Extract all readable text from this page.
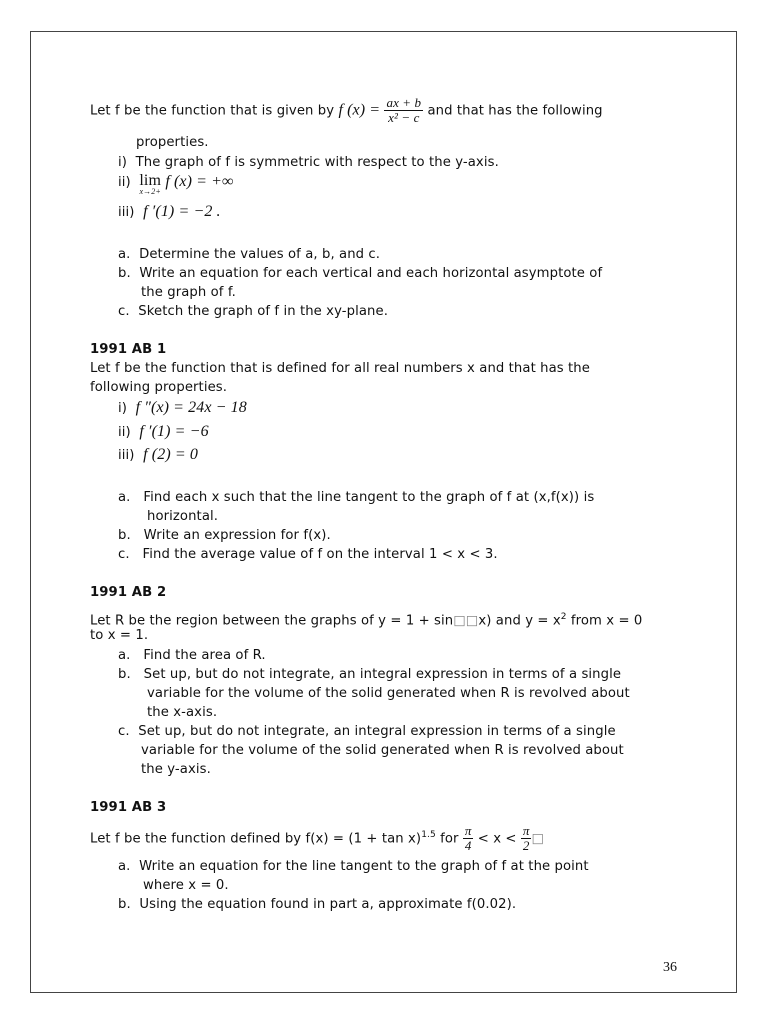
Let f be the function that is given by f $(x) = \frac{ax + b}{\text{x² − c}}$ and that has the following
properties.
i) The graph of f is symmetric with respect to the y-axis.
ii) lim
x→2+
f (x) = +∞
iii) f ′(1) = −2 .
a. Determine the values of a, b, and c.
b. Write an equation for each vertical and each horizontal asymptote of
the graph of f.
c. Sketch the graph of f in the xy-plane.
1991 AB 1
Let f be the function that is defined for all real numbers x and that has the
following properties.
i) f ″(x) = 24x − 18
ii) f ′(1) = −6
iii) f (2) = 0
a. Find each x such that the line tangent to the graph of f at (x,f(x)) is
horizontal.
b. Write an expression for f(x).
c. Find the average value of f on the interval 1 < x < 3.
1991 AB 2
Let R be the region between the graphs of y = 1 + sin□□x) and $y = x^2$ from x = 0
to x = 1.
a. Find the area of R.
b. Set up, but do not integrate, an integral expression in terms of a single
variable for the volume of the solid generated when R is revolved about
the x-axis.
c. Set up, but do not integrate, an integral expression in terms of a single
variable for the volume of the solid generated when R is revolved about
the y-axis.
1991 AB 3
Let f be the function defined by $f(x) = (1 + \tan x)^{1.5}$ for $\frac{\pi}{4} < x < \frac{\pi}{2}$ □
a. Write an equation for the line tangent to the graph of f at the point
where x = 0.
b. Using the equation found in part a, approximate f(0.02).
36
